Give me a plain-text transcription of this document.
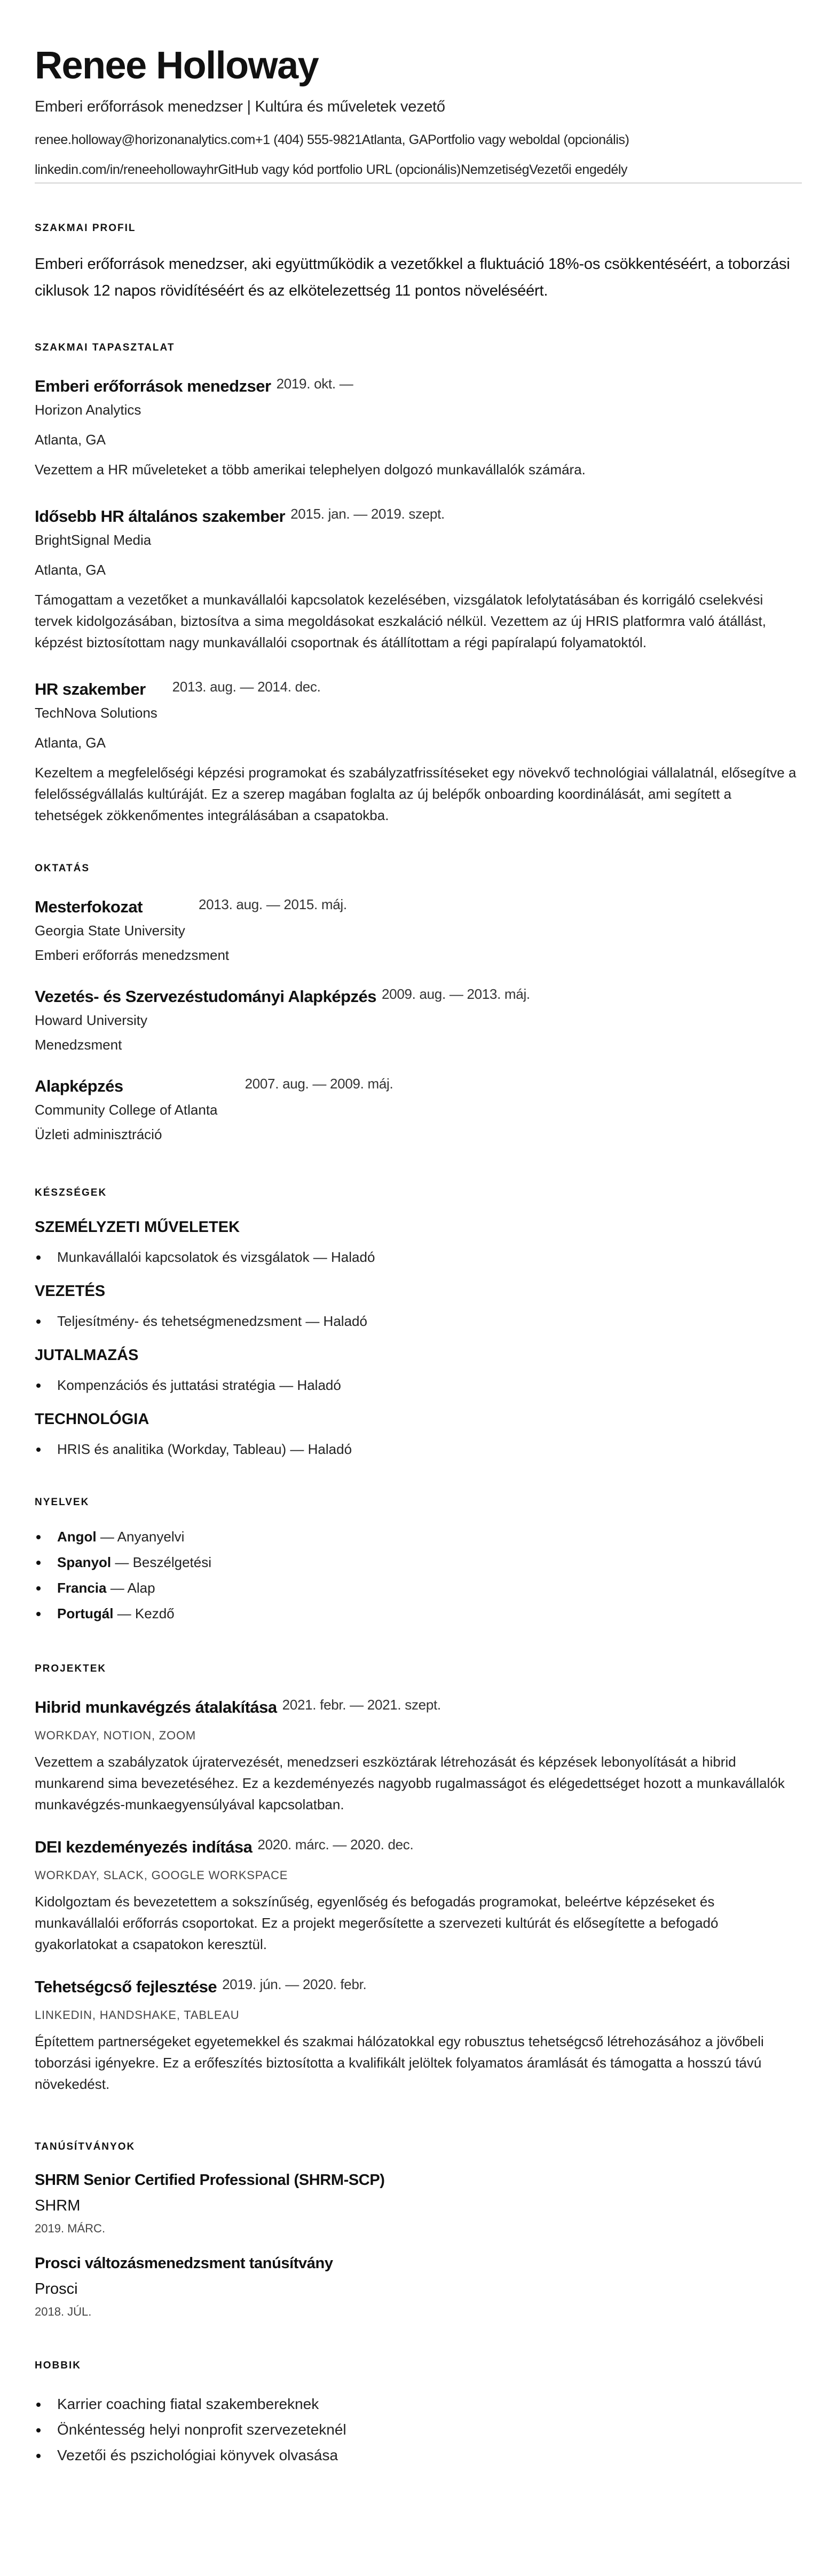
Renee Holloway
Emberi erőforrások menedzser | Kultúra és műveletek vezető
renee.holloway@horizonanalytics.com+1 (404) 555-9821Atlanta, GAPortfolio vagy weboldal (opcionális)
linkedin.com/in/reneehollowayhrGitHub vagy kód portfolio URL (opcionális)NemzetiségVezetői engedély
SZAKMAI PROFIL
Emberi erőforrások menedzser, aki együttműködik a vezetőkkel a fluktuáció 18%-os csökkentéséért, a toborzási ciklusok 12 napos rövidítéséért és az elkötelezettség 11 pontos növeléséért.
SZAKMAI TAPASZTALAT
Emberi erőforrások menedzser 2019. okt. —
Horizon Analytics
Atlanta, GA
Vezettem a HR műveleteket a több amerikai telephelyen dolgozó munkavállalók számára.
Idősebb HR általános szakember 2015. jan. — 2019. szept.
BrightSignal Media
Atlanta, GA
Támogattam a vezetőket a munkavállalói kapcsolatok kezelésében, vizsgálatok lefolytatásában és korrigáló cselekvési tervek kidolgozásában, biztosítva a sima megoldásokat eszkaláció nélkül. Vezettem az új HRIS platformra való átállást, képzést biztosítottam nagy munkavállalói csoportnak és átállítottam a régi papíralapú folyamatoktól.
HR szakember 2013. aug. — 2014. dec.
TechNova Solutions
Atlanta, GA
Kezeltem a megfelelőségi képzési programokat és szabályzatfrissítéseket egy növekvő technológiai vállalatnál, elősegítve a felelősségvállalás kultúráját. Ez a szerep magában foglalta az új belépők onboarding koordinálását, ami segített a tehetségek zökkenőmentes integrálásában a csapatokba.
OKTATÁS
Mesterfokozat	2013. aug. — 2015. máj.
Georgia State University
Emberi erőforrás menedzsment
Vezetés- és Szervezéstudományi Alapképzés 2009. aug. — 2013. máj.
Howard University
Menedzsment
Alapképzés	2007. aug. — 2009. máj.
Community College of Atlanta
Üzleti adminisztráció
KÉSZSÉGEK
SZEMÉLYZETI MŰVELETEK
Munkavállalói kapcsolatok és vizsgálatok — Haladó
VEZETÉS
Teljesítmény- és tehetségmenedzsment — Haladó
JUTALMAZÁS
Kompenzációs és juttatási stratégia — Haladó
TECHNOLÓGIA
HRIS és analitika (Workday, Tableau) — Haladó
NYELVEK
Angol — Anyanyelvi
Spanyol — Beszélgetési
Francia — Alap
Portugál — Kezdő
PROJEKTEK
Hibrid munkavégzés átalakítása 2021. febr. — 2021. szept.
WORKDAY, NOTION, ZOOM
Vezettem a szabályzatok újratervezését, menedzseri eszköztárak létrehozását és képzések lebonyolítását a hibrid munkarend sima bevezetéséhez. Ez a kezdeményezés nagyobb rugalmasságot és elégedettséget hozott a munkavállalók munkavégzés-munkaegyensúlyával kapcsolatban.
DEI kezdeményezés indítása 2020. márc. — 2020. dec.
WORKDAY, SLACK, GOOGLE WORKSPACE
Kidolgoztam és bevezetettem a sokszínűség, egyenlőség és befogadás programokat, beleértve képzéseket és munkavállalói erőforrás csoportokat. Ez a projekt megerősítette a szervezeti kultúrát és elősegítette a befogadó gyakorlatokat a csapatokon keresztül.
Tehetségcső fejlesztése 2019. jún. — 2020. febr.
LINKEDIN, HANDSHAKE, TABLEAU
Építettem partnerségeket egyetemekkel és szakmai hálózatokkal egy robusztus tehetségcső létrehozásához a jövőbeli toborzási igényekre. Ez a erőfeszítés biztosította a kvalifikált jelöltek folyamatos áramlását és támogatta a hosszú távú növekedést.
TANÚSÍTVÁNYOK
SHRM Senior Certified Professional (SHRM-SCP)
SHRM
2019. MÁRC.
Prosci változásmenedzsment tanúsítvány
Prosci
2018. JÚL.
HOBBIK
Karrier coaching fiatal szakembereknek
Önkéntesség helyi nonprofit szervezeteknél
Vezetői és pszichológiai könyvek olvasása
